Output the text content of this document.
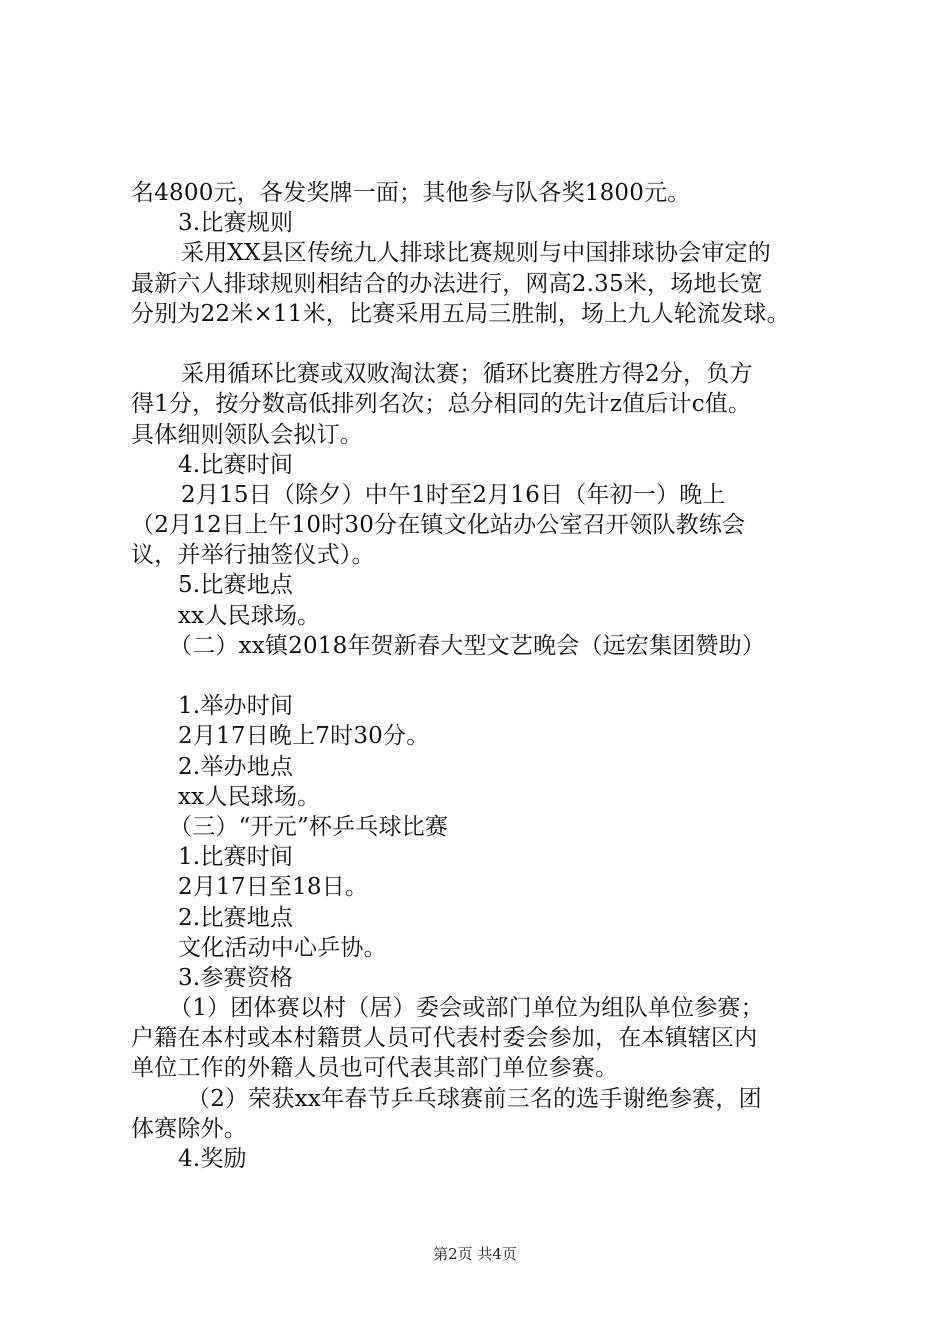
名4800元，各发奖牌一面；其他参与队各奖1800元。
3.比赛规则
采用XX县区传统九人排球比赛规则与中国排球协会审定的
最新六人排球规则相结合的办法进行，网高2.35米，场地长宽
分别为22米×11米，比赛采用五局三胜制，场上九人轮流发球。
采用循环比赛或双败淘汰赛；循环比赛胜方得2分，负方
得1分，按分数高低排列名次；总分相同的先计z值后计c值。
具体细则领队会拟订。
4.比赛时间
2月15日（除夕）中午1时至2月16日（年初一）晚上
（2月12日上午10时30分在镇文化站办公室召开领队教练会
议，并举行抽签仪式）。
5.比赛地点
xx人民球场。
（二）xx镇2018年贺新春大型文艺晚会（远宏集团赞助）
1.举办时间
2月17日晚上7时30分。
2.举办地点
xx人民球场。
（三）“开元”杯乒乓球比赛
1.比赛时间
2月17日至18日。
2.比赛地点
文化活动中心乒协。
3.参赛资格
（1）团体赛以村（居）委会或部门单位为组队单位参赛；
户籍在本村或本村籍贯人员可代表村委会参加，在本镇辖区内
单位工作的外籍人员也可代表其部门单位参赛。
（2）荣获xx年春节乒乓球赛前三名的选手谢绝参赛，团
体赛除外。
4.奖励
第2页 共4页
